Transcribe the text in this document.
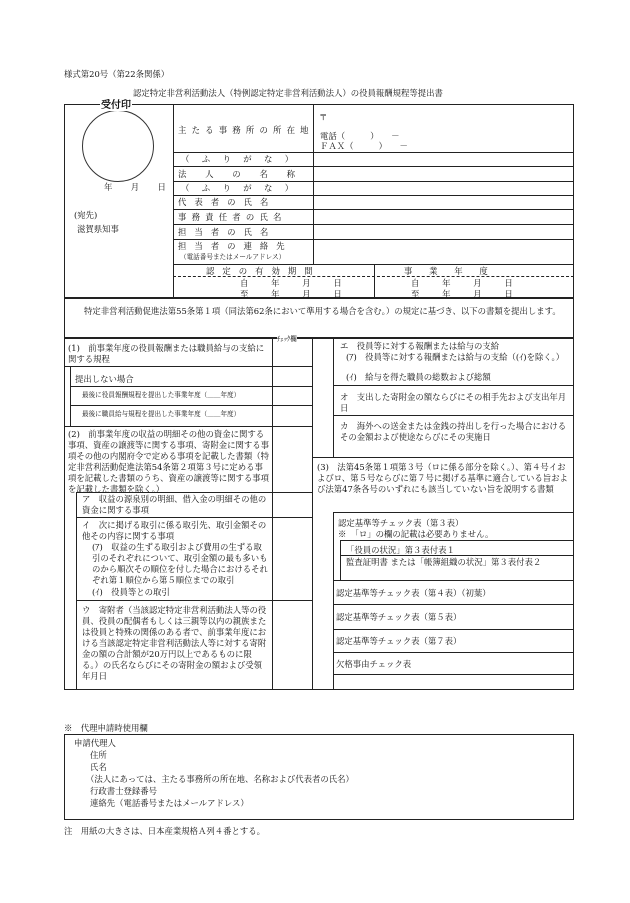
様式第20号（第22条関係）
認定特定非営利活動法人（特例認定特定非営利活動法人）の役員報酬規程等提出書
受付印
年　月　日
(宛先)
滋賀県知事
主たる事務所の所在地
〒
電話（　　　）　　－
ＦＡＸ（　　　）　　－
（　ふ　り　が　な　）
法　人　の　名　称
（　ふ　り　が　な　）
代表者の氏名
事務責任者の氏名
担当者の氏名
担当者の連絡先
（電話番号またはメールアドレス）
認定の有効期間	事　　業　　年　　度
自　　年　　月　　日
至　　年　　月　　日
自　　年　　月　　日
至　　年　　月　　日
特定非営利活動促進法第55条第１項（同法第62条において準用する場合を含む。）の規定に基づき、以下の書類を提出します。
ﾁｪｯｸ欄
(1)　前事業年度の役員報酬または職員給与の支給に関する規程
提出しない場合
最後に役員報酬規程を提出した事業年度（＿＿年度）
最後に職員給与規程を提出した事業年度（＿＿年度）
(2)　前事業年度の収益の明細その他の資金に関する事項、資産の譲渡等に関する事項、寄附金に関する事項その他の内閣府令で定める事項を記載した書類（特定非営利活動促進法第54条第２項第３号に定める事項を記載した書類のうち、資産の譲渡等に関する事項を記載した書類を除く。）
ア　収益の源泉別の明細、借入金の明細その他の資金に関する事項
イ　次に掲げる取引に係る取引先、取引金額その他その内容に関する事項
(ｱ)　収益の生ずる取引および費用の生ずる取引のそれぞれについて、取引金額の最も多いものから順次その順位を付した場合におけるそれぞれ第１順位から第５順位までの取引
(ｲ)　役員等との取引
ウ　寄附者（当該認定特定非営利活動法人等の役員、役員の配偶者もしくは三親等以内の親族または役員と特殊の関係のある者で、前事業年度における当該認定特定非営利活動法人等に対する寄附金の額の合計額が20万円以上であるものに限る。）の氏名ならびにその寄附金の額および受領年月日
エ　役員等に対する報酬または給与の支給
(ｱ)　役員等に対する報酬または給与の支給（(ｲ)を除く。）
(ｲ)　給与を得た職員の総数および総額
オ　支出した寄附金の額ならびにその相手先および支出年月日
カ　海外への送金または金銭の持出しを行った場合におけるその金額および使途ならびにその実施日
(3)　法第45条第１項第３号（ロに係る部分を除く。）、第４号イおよびロ、第５号ならびに第７号に掲げる基準に適合している旨および法第47条各号のいずれにも該当していない旨を説明する書類
認定基準等チェック表（第３表）
※　「ロ」の欄の記載は必要ありません。
「役員の状況」第３表付表１
監査証明書 または「帳簿組織の状況」第３表付表２
認定基準等チェック表（第４表）（初葉）
認定基準等チェック表（第５表）
認定基準等チェック表（第７表）
欠格事由チェック表
※　代理申請時使用欄
申請代理人
住所
氏名
（法人にあっては、主たる事務所の所在地、名称および代表者の氏名）
行政書士登録番号
連絡先（電話番号またはメールアドレス）
注　用紙の大きさは、日本産業規格Ａ列４番とする。
